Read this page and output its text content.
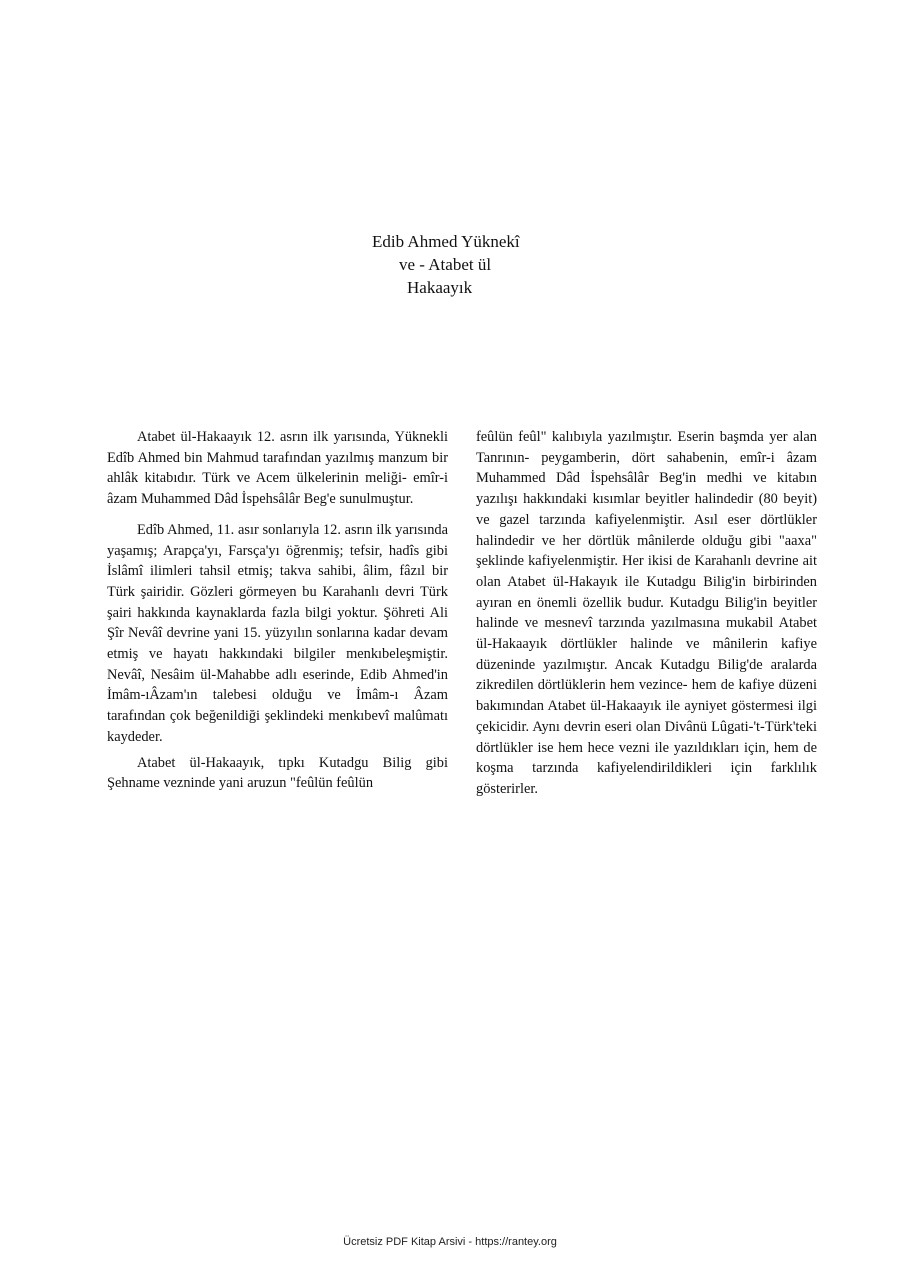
Edib Ahmed Yüknekî
ve - Atabet ül
Hakaayık

Atabet ül-Hakaayık 12. asrın ilk yarısında, Yüknekli Edîb Ahmed bin Mahmud tarafından yazılmış manzum bir ahlâk kitabıdır. Türk ve Acem ülkelerinin meliği- emîr-i âzam Muhammed Dâd İspehsâlâr Beg'e sunulmuştur.

Edîb Ahmed, 11. asır sonlarıyla 12. asrın ilk yarısında yaşamış; Arapça'yı, Farsça'yı öğrenmiş; tefsir, hadîs gibi İslâmî ilimleri tahsil etmiş; takva sahibi, âlim, fâzıl bir Türk şairidir. Gözleri görmeyen bu Karahanlı devri Türk şairi hakkında kaynaklarda fazla bilgi yoktur. Şöhreti Ali Şîr Nevâî devrine yani 15. yüzyılın sonlarına kadar devam etmiş ve hayatı hakkındaki bilgiler menkıbeleşmiştir. Nevâî, Nesâim ül-Mahabbe adlı eserinde, Edib Ahmed'in İmâm-ıÂzam'ın talebesi olduğu ve İmâm-ı Âzam tarafından çok beğenildiği şeklindeki menkıbevî malûmatı kaydeder.

Atabet ül-Hakaayık, tıpkı Kutadgu Bilig gibi Şehname vezninde yani aruzun "feûlün feûlün

feûlün feûl" kalıbıyla yazılmıştır. Eserin başmda yer alan Tanrının- peygamberin, dört sahabenin, emîr-i âzam Muhammed Dâd İspehsâlâr Beg'in medhi ve kitabın yazılışı hakkındaki kısımlar beyitler halindedir (80 beyit) ve gazel tarzında kafiyelenmiştir. Asıl eser dörtlükler halindedir ve her dörtlük mânilerde olduğu gibi "aaxa" şeklinde kafiyelenmiştir. Her ikisi de Karahanlı devrine ait olan Atabet ül-Hakayık ile Kutadgu Bilig'in birbirinden ayıran en önemli özellik budur. Kutadgu Bilig'in beyitler halinde ve mesnevî tarzında yazılmasına mukabil Atabet ül-Hakaayık dörtlükler halinde ve mânilerin kafiye düzeninde yazılmıştır. Ancak Kutadgu Bilig'de aralarda zikredilen dörtlüklerin hem vezince- hem de kafiye düzeni bakımından Atabet ül-Hakaayık ile ayniyet göstermesi ilgi çekicidir. Aynı devrin eseri olan Divânü Lûgati-'t-Türk'teki dörtlükler ise hem hece vezni ile yazıldıkları için, hem de koşma tarzında kafiyelendirildikleri için farklılık gösterirler.

Ücretsiz PDF Kitap Arsivi - https://rantey.org
